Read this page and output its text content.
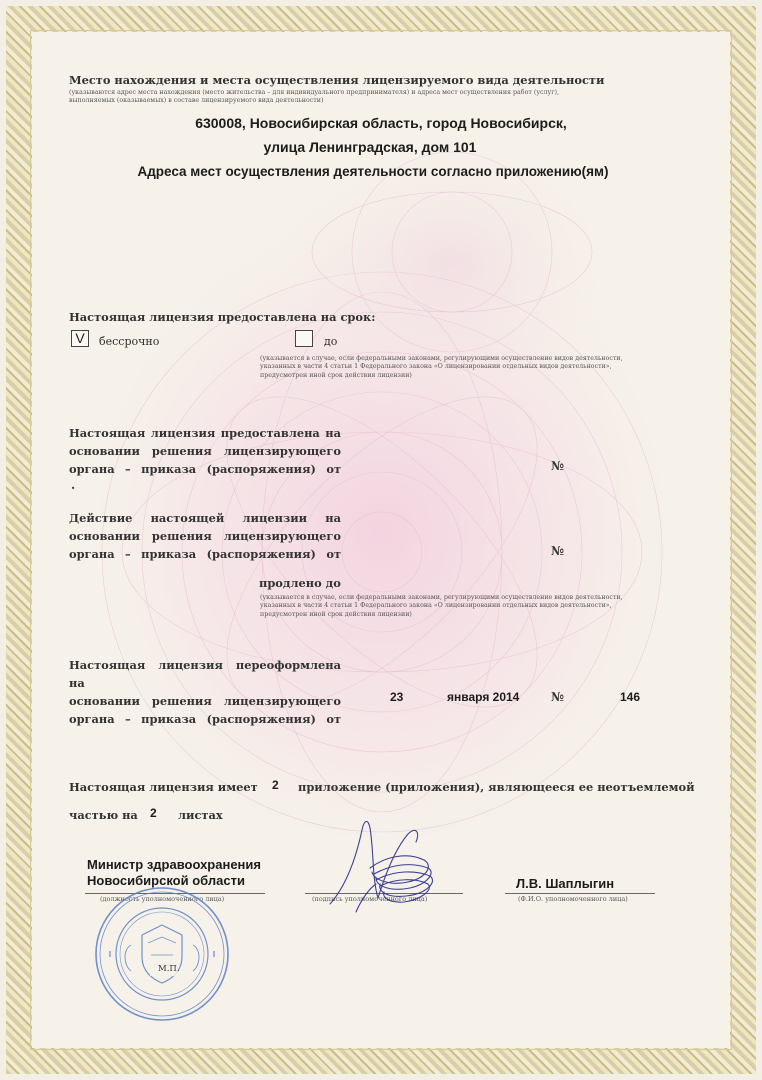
Место нахождения и места осуществления лицензируемого вида деятельности
(указываются адрес места нахождения (место жительства – для индивидуального предпринимателя) и адреса мест осуществления работ (услуг),
выполняемых (оказываемых) в составе лицензируемого вида деятельности)
630008, Новосибирская область, город Новосибирск,
улица Ленинградская, дом 101
Адреса мест осуществления деятельности согласно приложению(ям)
Настоящая лицензия предоставлена на срок:
V	бессрочно	до
(указывается в случае, если федеральными законами, регулирующими осуществление видов деятельности,
указанных в части 4 статьи 1 Федерального закона «О лицензировании отдельных видов деятельности»,
предусмотрен иной срок действия лицензии)
Настоящая лицензия предоставлена на
основании решения лицензирующего
органа – приказа (распоряжения) от	№
.
Действие настоящей лицензии на
основании решения лицензирующего
органа – приказа (распоряжения) от	№
продлено до
(указывается в случае, если федеральными законами, регулирующими осуществление видов деятельности,
указанных в части 4 статьи 1 Федерального закона «О лицензировании отдельных видов деятельности»,
предусмотрен иной срок действия лицензии)
Настоящая лицензия переоформлена на
основании решения лицензирующего
органа – приказа (распоряжения) от
23	января 2014	№	146
Настоящая лицензия имеет 2 приложение (приложения), являющееся ее неотъемлемой
частью на 2 листах
Министр здравоохранения
Новосибирской области
(должность уполномоченного лица)	(подпись уполномоченного лица)
Л.В. Шаплыгин
(Ф.И.О. уполномоченного лица)
М.П.
